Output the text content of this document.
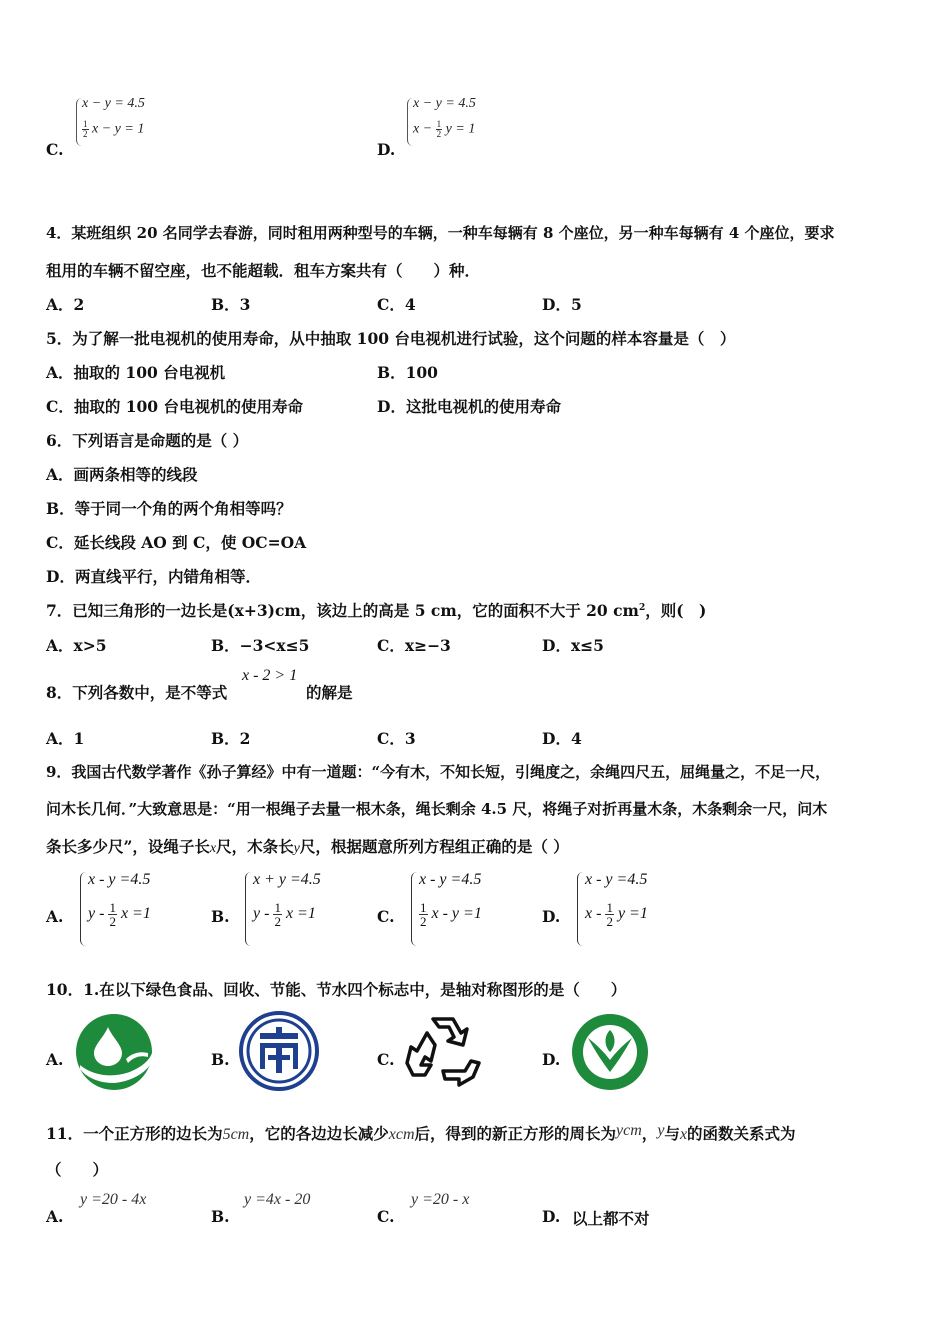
C.
x − y = 4.5
$\frac{1}{2}$ x − y = 1
D.
x − y = 4.5
$x - \frac{1}{2}$ y = 1
4．某班组织 20 名同学去春游，同时租用两种型号的车辆，一种车每辆有 8 个座位，另一种车每辆有 4 个座位，要求
租用的车辆不留空座，也不能超载．租车方案共有（　　）种．
A．2	B．3	C．4	D．5
5．为了解一批电视机的使用寿命，从中抽取 100 台电视机进行试验，这个问题的样本容量是（　）
A．抽取的 100 台电视机	B．100
C．抽取的 100 台电视机的使用寿命	D．这批电视机的使用寿命
6．下列语言是命题的是（ ）
A．画两条相等的线段
B．等于同一个角的两个角相等吗？
C．延长线段 AO 到 C，使 OC=OA
D．两直线平行，内错角相等．
7．已知三角形的一边长是(x+3)cm，该边上的高是 5 cm，它的面积不大于 20 $cm^2$，则(　)
A．x>5	B．−3<x≤5	C．x≥−3	D．x≤5
8．下列各数中，是不等式
x - 2 > 1
的解是
A．1	B．2	C．3	D．4
9．我国古代数学著作《孙子算经》中有一道题：“今有木，不知长短，引绳度之，余绳四尺五，屈绳量之，不足一尺，
问木长几何．”大致意思是：“用一根绳子去量一根木条，绳长剩余 4.5 尺，将绳子对折再量木条，木条剩余一尺，问木
条长多少尺”，设绳子长x尺，木条长y尺，根据题意所列方程组正确的是（ ）
A.
x - y =4.5
y - $\frac{1}{2}$ x =1	B.
x + y =4.5
y - $\frac{1}{2}$ x =1	C.
x - y =4.5
$\frac{1}{2}$ x - y =1	D.
x - y =4.5
x - $\frac{1}{2}$ y =1
10．1.在以下绿色食品、回收、节能、节水四个标志中，是轴对称图形的是（　　）
A.	B.	C.	D.
11．一个正方形的边长为5cm，它的各边边长减少xcm后，得到的新正方形的周长为ycm，y与x的函数关系式为
（　　）
A.
y =20 - 4x
B.
y =4x - 20
C.
y =20 - x
D. 以上都不对
